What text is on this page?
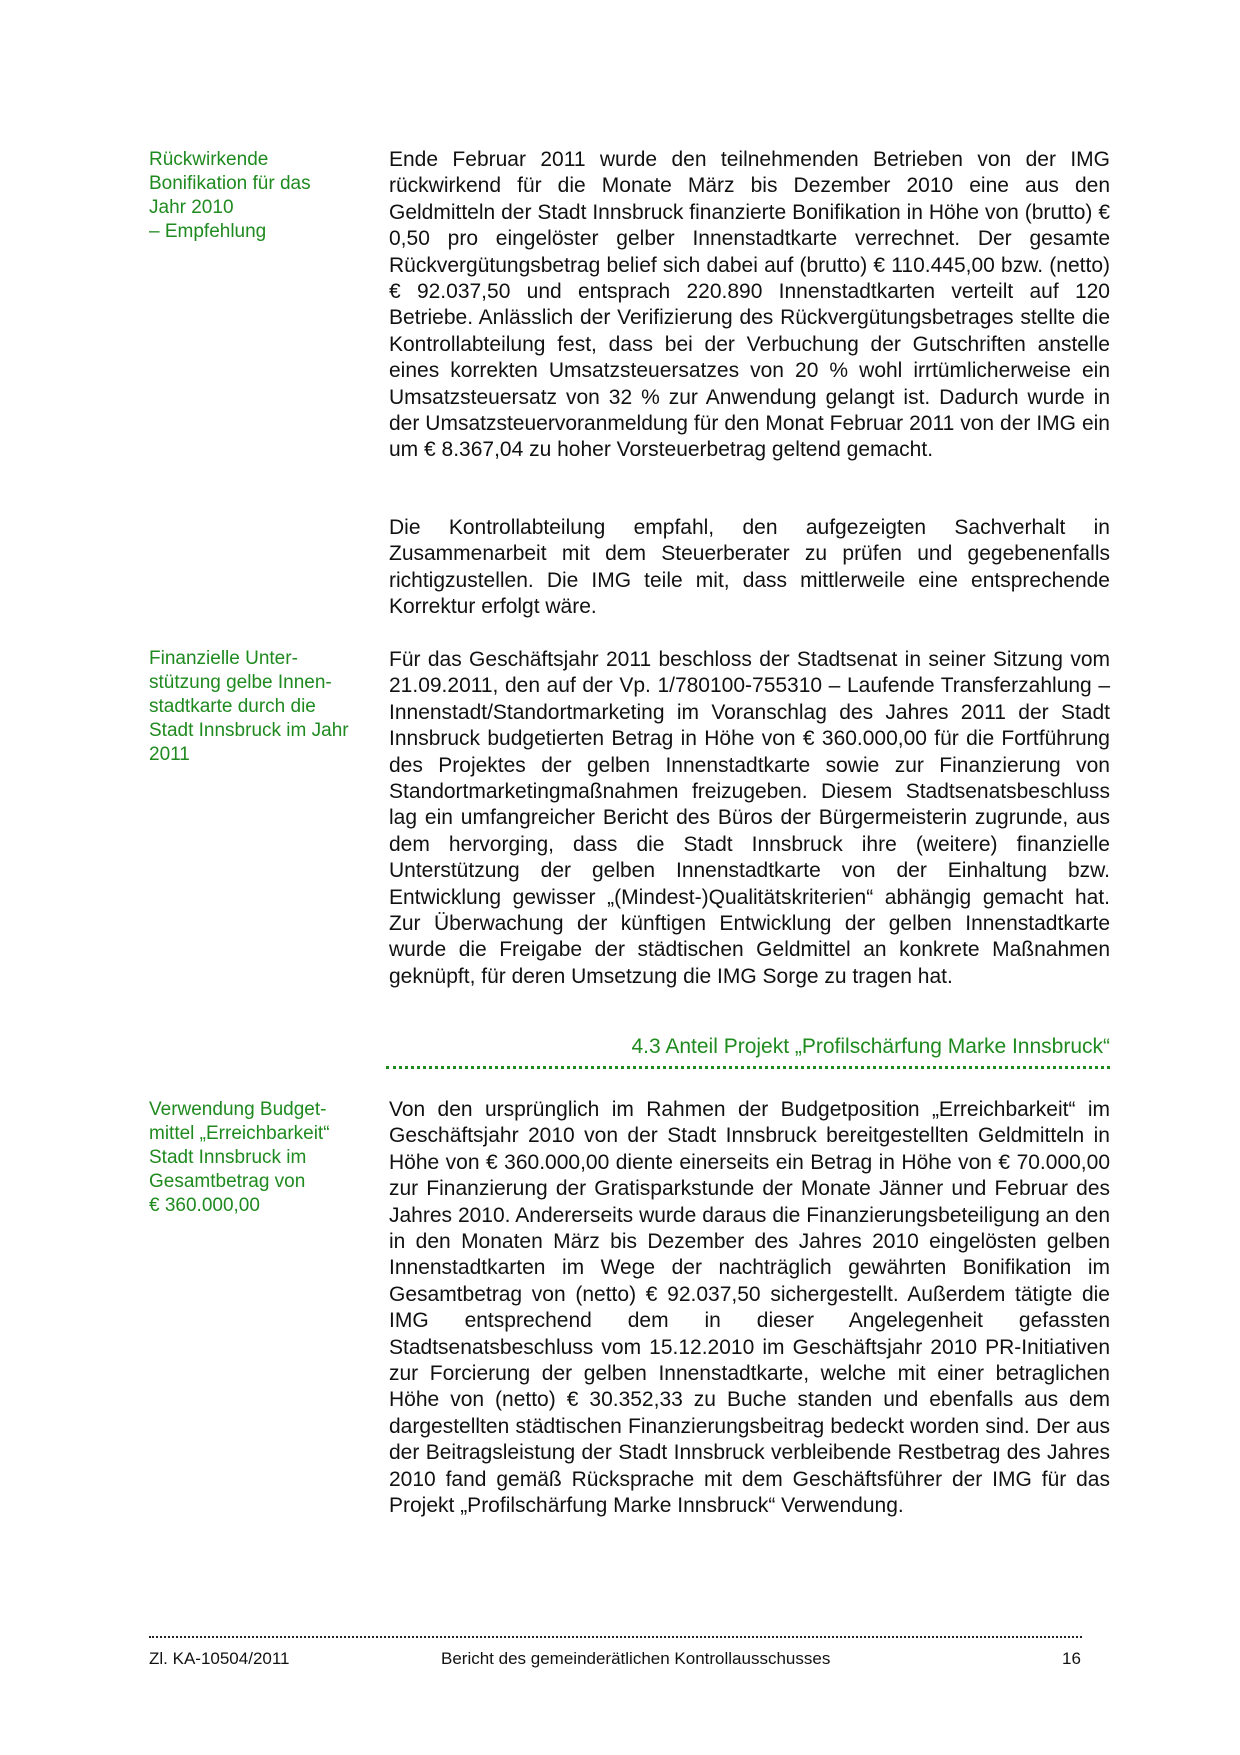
Rückwirkende
Bonifikation für das
Jahr 2010
– Empfehlung
Ende Februar 2011 wurde den teilnehmenden Betrieben von der IMG rückwirkend für die Monate März bis Dezember 2010 eine aus den Geldmitteln der Stadt Innsbruck finanzierte Bonifikation in Höhe von (brutto) € 0,50 pro eingelöster gelber Innenstadtkarte verrechnet. Der gesamte Rückvergütungsbetrag belief sich dabei auf (brutto) € 110.445,00 bzw. (netto) € 92.037,50 und entsprach 220.890 Innenstadtkarten verteilt auf 120 Betriebe. Anlässlich der Verifizierung des Rückvergütungsbetrages stellte die Kontrollabteilung fest, dass bei der Verbuchung der Gutschriften anstelle eines korrekten Umsatzsteuersatzes von 20 % wohl irrtümlicherweise ein Umsatzsteuersatz von 32 % zur Anwendung gelangt ist. Dadurch wurde in der Umsatzsteuervoranmeldung für den Monat Februar 2011 von der IMG ein um € 8.367,04 zu hoher Vorsteuerbetrag geltend gemacht.
Die Kontrollabteilung empfahl, den aufgezeigten Sachverhalt in Zusammenarbeit mit dem Steuerberater zu prüfen und gegebenenfalls richtigzustellen. Die IMG teile mit, dass mittlerweile eine entsprechende Korrektur erfolgt wäre.
Finanzielle Unter-
stützung gelbe Innen-
stadtkarte durch die
Stadt Innsbruck im Jahr
2011
Für das Geschäftsjahr 2011 beschloss der Stadtsenat in seiner Sitzung vom 21.09.2011, den auf der Vp. 1/780100-755310 – Laufende Transferzahlung – Innenstadt/Standortmarketing im Voranschlag des Jahres 2011 der Stadt Innsbruck budgetierten Betrag in Höhe von € 360.000,00 für die Fortführung des Projektes der gelben Innenstadtkarte sowie zur Finanzierung von Standortmarketingmaßnahmen freizugeben. Diesem Stadtsenatsbeschluss lag ein umfangreicher Bericht des Büros der Bürgermeisterin zugrunde, aus dem hervorging, dass die Stadt Innsbruck ihre (weitere) finanzielle Unterstützung der gelben Innenstadtkarte von der Einhaltung bzw. Entwicklung gewisser „(Mindest-)Qualitätskriterien“ abhängig gemacht hat. Zur Überwachung der künftigen Entwicklung der gelben Innenstadtkarte wurde die Freigabe der städtischen Geldmittel an konkrete Maßnahmen geknüpft, für deren Umsetzung die IMG Sorge zu tragen hat.
4.3 Anteil Projekt „Profilschärfung Marke Innsbruck“
Verwendung Budget-
mittel „Erreichbarkeit“
Stadt Innsbruck im
Gesamtbetrag von
€ 360.000,00
Von den ursprünglich im Rahmen der Budgetposition „Erreichbarkeit“ im Geschäftsjahr 2010 von der Stadt Innsbruck bereitgestellten Geldmitteln in Höhe von € 360.000,00 diente einerseits ein Betrag in Höhe von € 70.000,00 zur Finanzierung der Gratisparkstunde der Monate Jänner und Februar des Jahres 2010. Andererseits wurde daraus die Finanzierungsbeteiligung an den in den Monaten März bis Dezember des Jahres 2010 eingelösten gelben Innenstadtkarten im Wege der nachträglich gewährten Bonifikation im Gesamtbetrag von (netto) € 92.037,50 sichergestellt. Außerdem tätigte die IMG entsprechend dem in dieser Angelegenheit gefassten Stadtsenatsbeschluss vom 15.12.2010 im Geschäftsjahr 2010 PR-Initiativen zur Forcierung der gelben Innenstadtkarte, welche mit einer betraglichen Höhe von (netto) € 30.352,33 zu Buche standen und ebenfalls aus dem dargestellten städtischen Finanzierungsbeitrag bedeckt worden sind. Der aus der Beitragsleistung der Stadt Innsbruck verbleibende Restbetrag des Jahres 2010 fand gemäß Rücksprache mit dem Geschäftsführer der IMG für das Projekt „Profilschärfung Marke Innsbruck“ Verwendung.
Zl. KA-10504/2011	Bericht des gemeinderätlichen Kontrollausschusses	16
